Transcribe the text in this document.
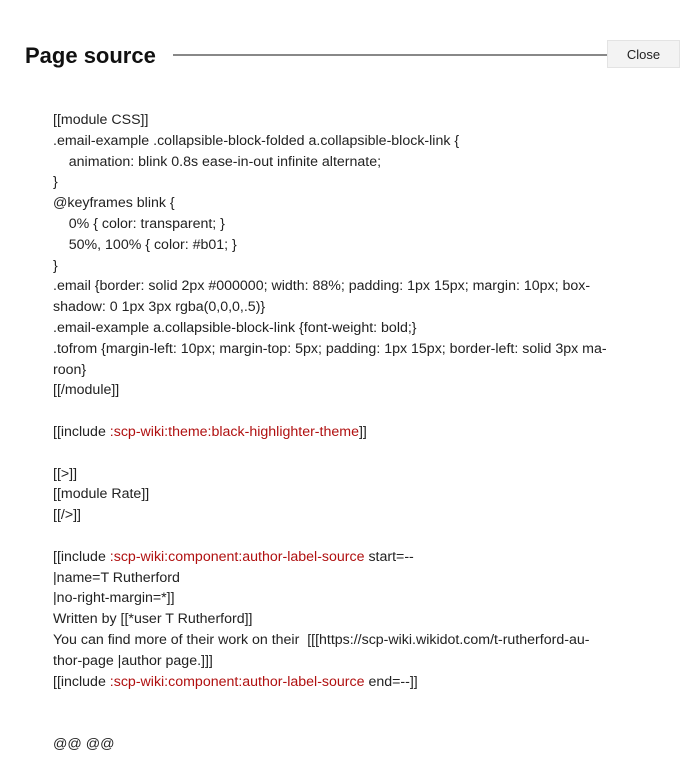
Page source	Close
[[module CSS]]
.email-example .collapsible-block-folded a.collapsible-block-link {
animation: blink 0.8s ease-in-out infinite alternate;
}
@keyframes blink {
0% { color: transparent; }
50%, 100% { color: #b01; }
}
.email {border: solid 2px #000000; width: 88%; padding: 1px 15px; margin: 10px; box-
shadow: 0 1px 3px rgba(0,0,0,.5)}
.email-example a.collapsible-block-link {font-weight: bold;}
.tofrom {margin-left: 10px; margin-top: 5px; padding: 1px 15px; border-left: solid 3px ma-
roon}
[[/module]]
[[include :scp-wiki:theme:black-highlighter-theme]]
[[>]]
[[module Rate]]
[[/>]]
[[include :scp-wiki:component:author-label-source start=--
|name=T Rutherford
|no-right-margin=*]]
Written by [[*user T Rutherford]]
You can find more of their work on their  [[[https://scp-wiki.wikidot.com/t-rutherford-au-
thor-page |author page.]]]
[[include :scp-wiki:component:author-label-source end=--]]
@@ @@
